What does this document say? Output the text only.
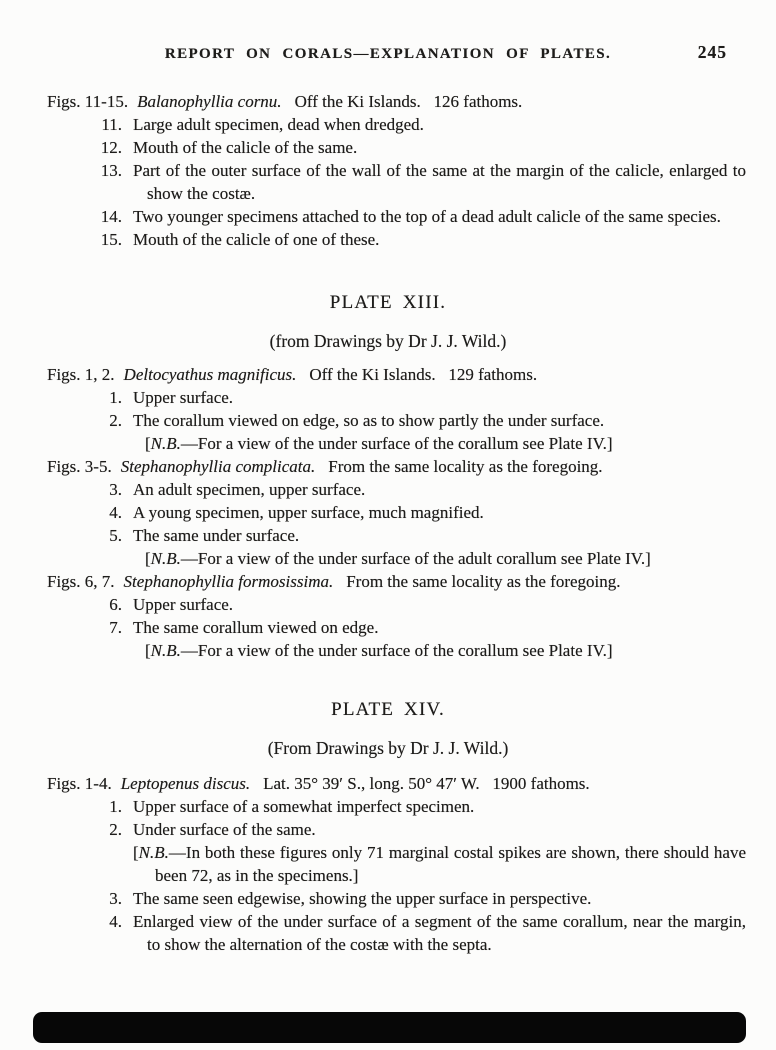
REPORT ON CORALS—EXPLANATION OF PLATES.	245

Figs. 11-15. Balanophyllia cornu. Off the Ki Islands.   126 fathoms.

11. Large adult specimen, dead when dredged.
12. Mouth of the calicle of the same.
13. Part of the outer surface of the wall of the same at the margin of the calicle, enlarged to show the costæ.
14. Two younger specimens attached to the top of a dead adult calicle of the same species.
15. Mouth of the calicle of one of these.
PLATE XIII.

(from Drawings by Dr J. J. Wild.)

Figs. 1, 2. Deltocyathus magnificus. Off the Ki Islands.   129 fathoms.

1. Upper surface.
2. The corallum viewed on edge, so as to show partly the under surface.

[N.B.—For a view of the under surface of the corallum see Plate IV.]

Figs. 3-5. Stephanophyllia complicata. From the same locality as the foregoing.

3. An adult specimen, upper surface.
4. A young specimen, upper surface, much magnified.
5. The same under surface.

[N.B.—For a view of the under surface of the adult corallum see Plate IV.]

Figs. 6, 7. Stephanophyllia formosissima. From the same locality as the foregoing.

6. Upper surface.
7. The same corallum viewed on edge.

[N.B.—For a view of the under surface of the corallum see Plate IV.]

PLATE XIV.

(From Drawings by Dr J. J. Wild.)

Figs. 1-4. Leptopenus discus. Lat. 35° 39′ S., long. 50° 47′ W.   1900 fathoms.

1. Upper surface of a somewhat imperfect specimen.
2. Under surface of the same.

[N.B.—In both these figures only 71 marginal costal spikes are shown, there should have been 72, as in the specimens.]

3. The same seen edgewise, showing the upper surface in perspective.
4. Enlarged view of the under surface of a segment of the same corallum, near the margin, to show the alternation of the costæ with the septa.
